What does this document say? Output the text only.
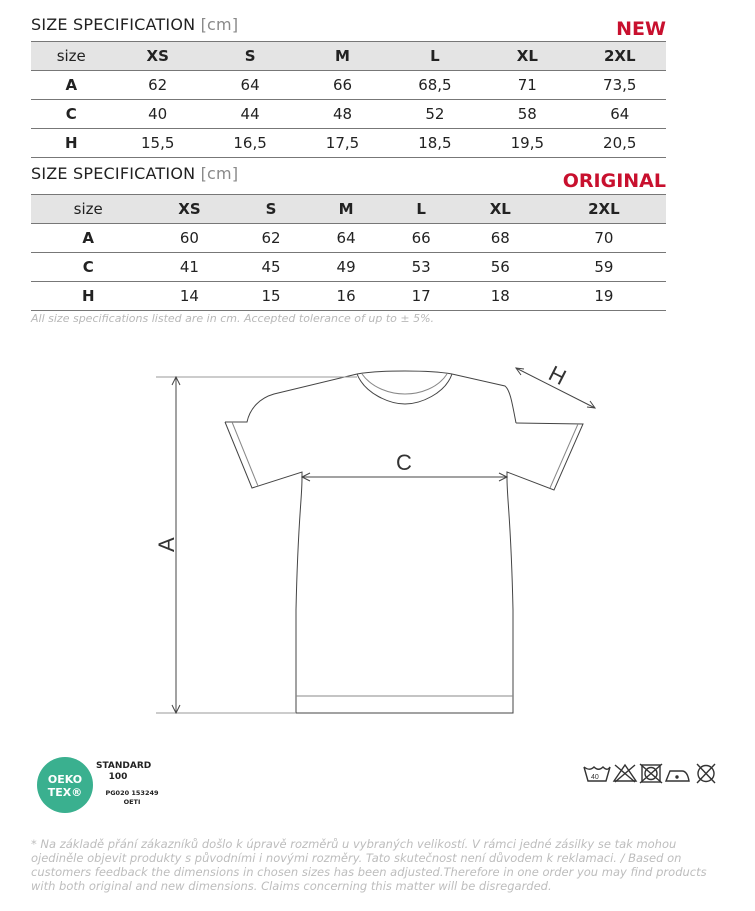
SIZE SPECIFICATION [cm]	NEW
size	XS	S	M	L	XL	2XL
A	62	64	66	68,5	71	73,5
C	40	44	48	52	58	64
H	15,5	16,5	17,5	18,5	19,5	20,5
SIZE SPECIFICATION [cm]	ORIGINAL
size	XS	S	M	L	XL	2XL
A	60	62	64	66	68	70
C	41	45	49	53	56	59
H	14	15	16	17	18	19
All size specifications listed are in cm. Accepted tolerance of up to ± 5%.
A
C
H
OEKO
TEX®
STANDARD
100
PG020 153249
OETI
40
* Na základě přání zákazníků došlo k úpravě rozměrů u vybraných velikostí. V rámci jedné zásilky se tak mohou ojediněle objevit produkty s původními i novými rozměry. Tato skutečnost není důvodem k reklamaci. / Based on customers feedback the dimensions in chosen sizes has been adjusted.Therefore in one order you may find products with both original and new dimensions. Claims concerning this matter will be disregarded.
